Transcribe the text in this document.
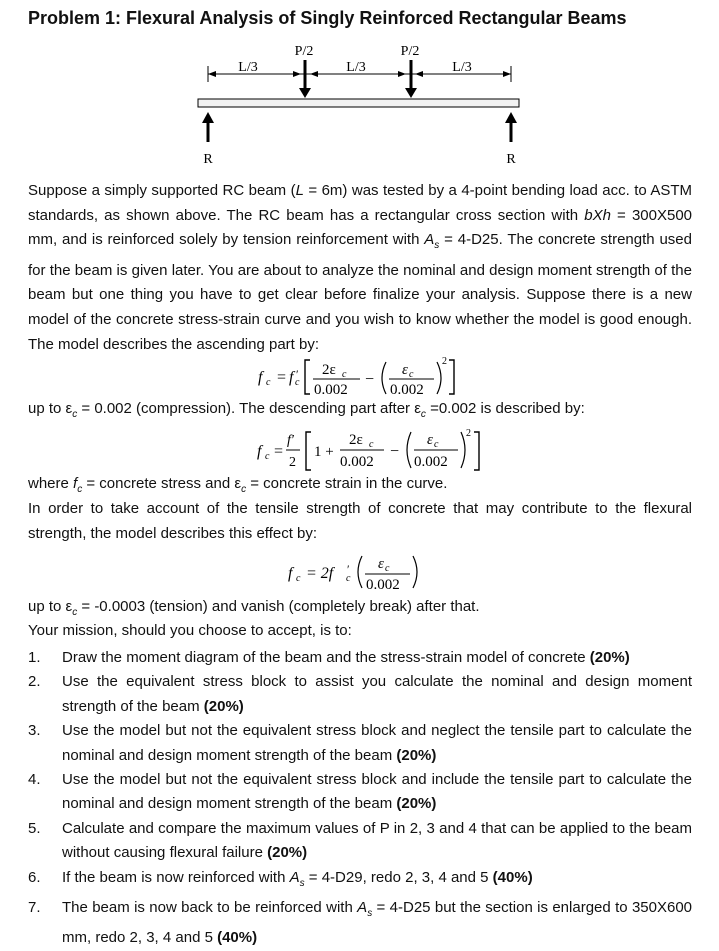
Problem 1: Flexural Analysis of Singly Reinforced Rectangular Beams
L/3	L/3	L/3
P/2	P/2
R	R
Suppose a simply supported RC beam (L = 6m) was tested by a 4-point bending load acc. to ASTM standards, as shown above. The RC beam has a rectangular cross section with bXh = 300X500 mm, and is reinforced solely by tension reinforcement with $A_s = 4-D25$. The concrete strength used for the beam is given later. You are about to analyze the nominal and design moment strength of the beam but one thing you have to get clear before finalize your analysis. Suppose there is a new model of the concrete stress-strain curve and you wish to know whether the model is good enough. The model describes the ascending part by:
f c = f c
′ 2ε c
0.002
−
ε c
0.002
2
up to $\varepsilon_c = 0.002$ (compression). The descending part after $\varepsilon_c =0.002$ is described by:
f c =
f′
2
1 +
2ε c
0.002
−
ε c
0.002
2
where $f_c$ = concrete stress and $\varepsilon_c$ = concrete strain in the curve.
In order to take account of the tensile strength of concrete that may contribute to the flexural strength, the model describes this effect by:
f c = 2f c
′ ε c
0.002
up to $\varepsilon_c = -0.0003$ (tension) and vanish (completely break) after that.
Your mission, should you choose to accept, is to:
1. Draw the moment diagram of the beam and the stress-strain model of concrete (20%)
2. Use the equivalent stress block to assist you calculate the nominal and design moment strength of the beam (20%)
3. Use the model but not the equivalent stress block and neglect the tensile part to calculate the nominal and design moment strength of the beam (20%)
4. Use the model but not the equivalent stress block and include the tensile part to calculate the nominal and design moment strength of the beam (20%)
5. Calculate and compare the maximum values of P in 2, 3 and 4 that can be applied to the beam without causing flexural failure (20%)
6. If the beam is now reinforced with $A_s = 4-D29$, redo 2, 3, 4 and 5 (40%)
7. The beam is now back to be reinforced with $A_s = 4-D25$ but the section is enlarged to 350X600 mm, redo 2, 3, 4 and 5 (40%)
